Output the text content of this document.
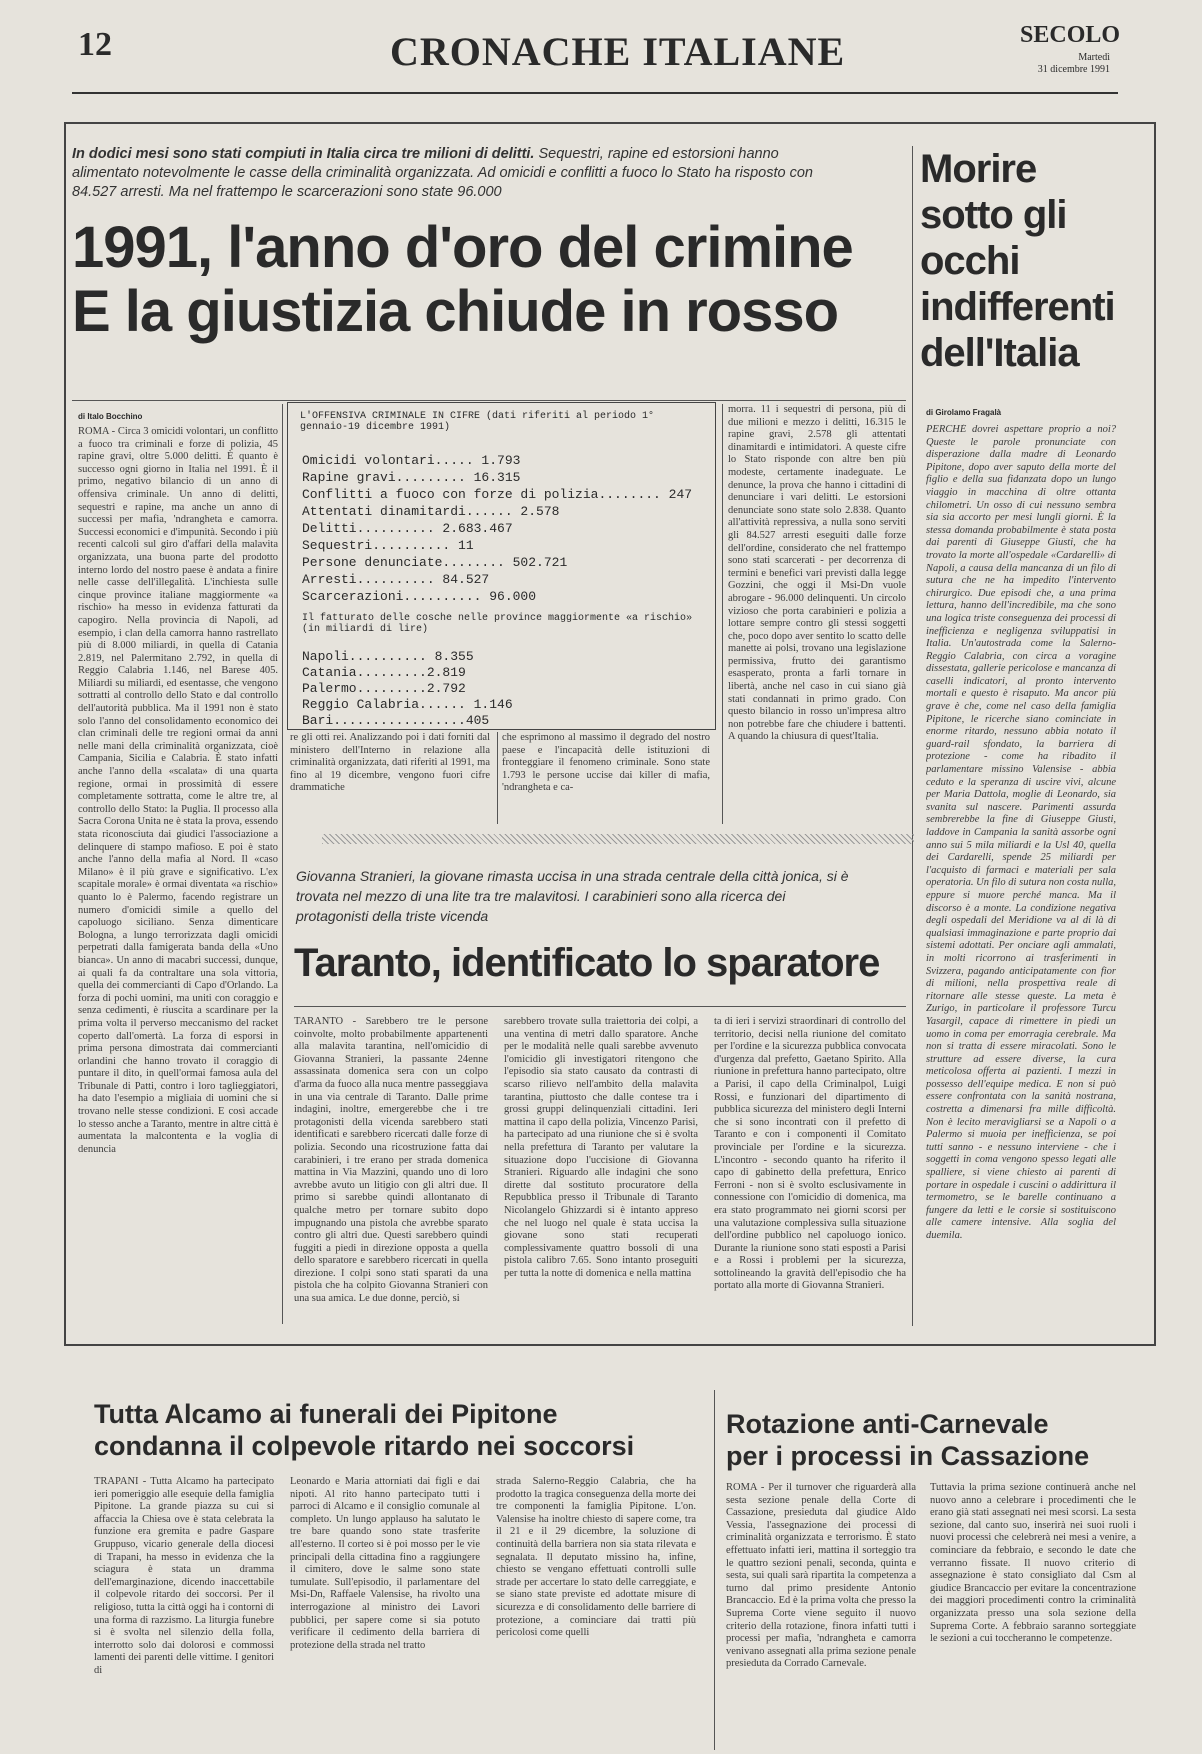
12	CRONACHE ITALIANE	SECOLO
Martedì
31 dicembre 1991
In dodici mesi sono stati compiuti in Italia circa tre milioni di delitti. Sequestri, rapine ed estorsioni hanno alimentato notevolmente le casse della criminalità organizzata. Ad omicidi e conflitti a fuoco lo Stato ha risposto con 84.527 arresti. Ma nel frattempo le scarcerazioni sono state 96.000
1991, l'anno d'oro del crimine
E la giustizia chiude in rosso
Morire sotto gli occhi indifferenti dell'Italia
di Girolamo Fragalà
PERCHÉ dovrei aspettare proprio a noi? Queste le parole pronunciate con disperazione dalla madre di Leonardo Pipitone, dopo aver saputo della morte del figlio e della sua fidanzata dopo un lungo viaggio in macchina di oltre ottanta chilometri. Un osso di cui nessuno sembra sia sia accorto per mesi lungli giorni. È la stessa domanda probabilmente è stata posta dai parenti di Giuseppe Giusti, che ha trovato la morte all'ospedale «Cardarelli» di Napoli, a causa della mancanza di un filo di sutura che ne ha impedito l'intervento chirurgico. Due episodi che, a una prima lettura, hanno dell'incredibile, ma che sono una logica triste conseguenza dei processi di inefficienza e negligenza sviluppatisi in Italia. Un'autostrada come la Salerno-Reggio Calabria, con circa a voragine dissestata, gallerie pericolose e mancanza di caselli indicatori, al pronto intervento mortali e questo è risaputo. Ma ancor più grave è che, come nel caso della famiglia Pipitone, le ricerche siano cominciate in enorme ritardo, nessuno abbia notato il guard-rail sfondato, la barriera di protezione - come ha ribadito il parlamentare missino Valensise - abbia ceduto e la speranza di uscire vivi, alcune per Maria Dattola, moglie di Leonardo, sia svanita sul nascere. Parimenti assurda sembrerebbe la fine di Giuseppe Giusti, laddove in Campania la sanità assorbe ogni anno sui 5 mila miliardi e la Usl 40, quella dei Cardarelli, spende 25 miliardi per l'acquisto di farmaci e materiali per sala operatoria. Un filo di sutura non costa nulla, eppure si muore perché manca. Ma il discorso è a monte. La condizione negativa degli ospedali del Meridione va al di là di qualsiasi immaginazione e parte proprio dai sistemi adottati. Per onciare agli ammalati, in molti ricorrono ai trasferimenti in Svizzera, pagando anticipatamente con fior di milioni, nella prospettiva reale di ritornare alle stesse queste. La meta è Zurigo, in particolare il professore Turcu Yasargil, capace di rimettere in piedi un uomo in coma per emorragia cerebrale. Ma non si tratta di essere miracolati. Sono le strutture ad essere diverse, la cura meticolosa offerta ai pazienti. I mezzi in possesso dell'equipe medica. E non si può essere confrontata con la sanità nostrana, costretta a dimenarsi fra mille difficoltà. Non è lecito meravigliarsi se a Napoli o a Palermo si muoia per inefficienza, se poi tutti sanno - e nessuno interviene - che i soggetti in coma vengono spesso legati alle spalliere, si viene chiesto ai parenti di portare in ospedale i cuscini o addirittura il termometro, se le barelle continuano a fungere da letti e le corsie si sostituiscono alle camere intensive. Alla soglia del duemila.
di Italo Bocchino
ROMA - Circa 3 omicidi volontari, un conflitto a fuoco tra criminali e forze di polizia, 45 rapine gravi, oltre 5.000 delitti. È quanto è successo ogni giorno in Italia nel 1991. È il primo, negativo bilancio di un anno di offensiva criminale. Un anno di delitti, sequestri e rapine, ma anche un anno di successi per mafia, 'ndrangheta e camorra. Successi economici e d'impunità. Secondo i più recenti calcoli sul giro d'affari della malavita organizzata, una buona parte del prodotto interno lordo del nostro paese è andata a finire nelle casse dell'illegalità. L'inchiesta sulle cinque province italiane maggiormente «a rischio» ha messo in evidenza fatturati da capogiro. Nella provincia di Napoli, ad esempio, i clan della camorra hanno rastrellato più di 8.000 miliardi, in quella di Catania 2.819, nel Palermitano 2.792, in quella di Reggio Calabria 1.146, nel Barese 405. Miliardi su miliardi, ed esentasse, che vengono sottratti al controllo dello Stato e dal controllo dell'autorità pubblica. Ma il 1991 non è stato solo l'anno del consolidamento economico dei clan criminali delle tre regioni ormai da anni nelle mani della criminalità organizzata, cioè Campania, Sicilia e Calabria. È stato infatti anche l'anno della «scalata» di una quarta regione, ormai in prossimità di essere completamente sottratta, come le altre tre, al controllo dello Stato: la Puglia. Il processo alla Sacra Corona Unita ne è stata la prova, essendo stata riconosciuta dai giudici l'associazione a delinquere di stampo mafioso. E poi è stato anche l'anno della mafia al Nord. Il «caso Milano» è il più grave e significativo. L'ex scapitale morale» è ormai diventata «a rischio» quanto lo è Palermo, facendo registrare un numero d'omicidi simile a quello del capoluogo siciliano. Senza dimenticare Bologna, a lungo terrorizzata dagli omicidi perpetrati dalla famigerata banda della «Uno bianca». Un anno di macabri successi, dunque, ai quali fa da contraltare una sola vittoria, quella dei commercianti di Capo d'Orlando. La forza di pochi uomini, ma uniti con coraggio e senza cedimenti, è riuscita a scardinare per la prima volta il perverso meccanismo del racket coperto dall'omertà. La forza di esporsi in prima persona dimostrata dai commercianti orlandini che hanno trovato il coraggio di puntare il dito, in quell'ormai famosa aula del Tribunale di Patti, contro i loro taglieggiatori, ha dato l'esempio a migliaia di uomini che si trovano nelle stesse condizioni. E così accade lo stesso anche a Taranto, mentre in altre città è aumentata la malcontenta e la voglia di denuncia
L'OFFENSIVA CRIMINALE IN CIFRE (dati riferiti al periodo 1° gennaio-19 dicembre 1991)
Omicidi volontari..... 1.793
Rapine gravi......... 16.315
Conflitti a fuoco con forze di polizia........ 247
Attentati dinamitardi...... 2.578
Delitti.......... 2.683.467
Sequestri.......... 11
Persone denunciate........ 502.721
Arresti.......... 84.527
Scarcerazioni.......... 96.000
Il fatturato delle cosche nelle province maggiormente «a rischio» (in miliardi di lire)
Napoli.......... 8.355
Catania.........2.819
Palermo.........2.792
Reggio Calabria...... 1.146
Bari.................405
re gli otti rei. Analizzando poi i dati forniti dal ministero dell'Interno in relazione alla criminalità organizzata, dati riferiti al 1991, ma fino al 19 dicembre, vengono fuori cifre drammatiche
che esprimono al massimo il degrado del nostro paese e l'incapacità delle istituzioni di fronteggiare il fenomeno criminale. Sono state 1.793 le persone uccise dai killer di mafia, 'ndrangheta e ca-
morra. 11 i sequestri di persona, più di due milioni e mezzo i delitti, 16.315 le rapine gravi, 2.578 gli attentati dinamitardi e intimidatori. A queste cifre lo Stato risponde con altre ben più modeste, certamente inadeguate. Le denunce, la prova che hanno i cittadini di denunciare i vari delitti. Le estorsioni denunciate sono state solo 2.838. Quanto all'attività repressiva, a nulla sono serviti gli 84.527 arresti eseguiti dalle forze dell'ordine, considerato che nel frattempo sono stati scarcerati - per decorrenza di termini e benefici vari previsti dalla legge Gozzini, che oggi il Msi-Dn vuole abrogare - 96.000 delinquenti. Un circolo vizioso che porta carabinieri e polizia a lottare sempre contro gli stessi soggetti che, poco dopo aver sentito lo scatto delle manette ai polsi, trovano una legislazione permissiva, frutto dei garantismo esasperato, pronta a farli tornare in libertà, anche nel caso in cui siano già stati condannati in primo grado. Con questo bilancio in rosso un'impresa altro non potrebbe fare che chiudere i battenti. A quando la chiusura di quest'Italia.
Giovanna Stranieri, la giovane rimasta uccisa in una strada centrale della città jonica, si è trovata nel mezzo di una lite tra tre malavitosi. I carabinieri sono alla ricerca dei protagonisti della triste vicenda
Taranto, identificato lo sparatore
TARANTO - Sarebbero tre le persone coinvolte, molto probabilmente appartenenti alla malavita tarantina, nell'omicidio di Giovanna Stranieri, la passante 24enne assassinata domenica sera con un colpo d'arma da fuoco alla nuca mentre passeggiava in una via centrale di Taranto. Dalle prime indagini, inoltre, emergerebbe che i tre protagonisti della vicenda sarebbero stati identificati e sarebbero ricercati dalle forze di polizia. Secondo una ricostruzione fatta dai carabinieri, i tre erano per strada domenica mattina in Via Mazzini, quando uno di loro avrebbe avuto un litigio con gli altri due. Il primo si sarebbe quindi allontanato di qualche metro per tornare subito dopo impugnando una pistola che avrebbe sparato contro gli altri due. Questi sarebbero quindi fuggiti a piedi in direzione opposta a quella dello sparatore e sarebbero ricercati in quella direzione. I colpi sono stati sparati da una pistola che ha colpito Giovanna Stranieri con una sua amica. Le due donne, perciò, si
sarebbero trovate sulla traiettoria dei colpi, a una ventina di metri dallo sparatore. Anche per le modalità nelle quali sarebbe avvenuto l'omicidio gli investigatori ritengono che l'episodio sia stato causato da contrasti di scarso rilievo nell'ambito della malavita tarantina, piuttosto che dalle contese tra i grossi gruppi delinquenziali cittadini. Ieri mattina il capo della polizia, Vincenzo Parisi, ha partecipato ad una riunione che si è svolta nella prefettura di Taranto per valutare la situazione dopo l'uccisione di Giovanna Stranieri. Riguardo alle indagini che sono dirette dal sostituto procuratore della Repubblica presso il Tribunale di Taranto Nicolangelo Ghizzardi si è intanto appreso che nel luogo nel quale è stata uccisa la giovane sono stati recuperati complessivamente quattro bossoli di una pistola calibro 7.65. Sono intanto proseguiti per tutta la notte di domenica e nella mattina
ta di ieri i servizi straordinari di controllo del territorio, decisi nella riunione del comitato per l'ordine e la sicurezza pubblica convocata d'urgenza dal prefetto, Gaetano Spirito. Alla riunione in prefettura hanno partecipato, oltre a Parisi, il capo della Criminalpol, Luigi Rossi, e funzionari del dipartimento di pubblica sicurezza del ministero degli Interni che si sono incontrati con il prefetto di Taranto e con i componenti il Comitato provinciale per l'ordine e la sicurezza. L'incontro - secondo quanto ha riferito il capo di gabinetto della prefettura, Enrico Ferroni - non si è svolto esclusivamente in connessione con l'omicidio di domenica, ma era stato programmato nei giorni scorsi per una valutazione complessiva sulla situazione dell'ordine pubblico nel capoluogo ionico. Durante la riunione sono stati esposti a Parisi e a Rossi i problemi per la sicurezza, sottolineando la gravità dell'episodio che ha portato alla morte di Giovanna Stranieri.
Tutta Alcamo ai funerali dei Pipitone
condanna il colpevole ritardo nei soccorsi
TRAPANI - Tutta Alcamo ha partecipato ieri pomeriggio alle esequie della famiglia Pipitone. La grande piazza su cui si affaccia la Chiesa ove è stata celebrata la funzione era gremita e padre Gaspare Gruppuso, vicario generale della diocesi di Trapani, ha messo in evidenza che la sciagura è stata un dramma dell'emarginazione, dicendo inaccettabile il colpevole ritardo dei soccorsi. Per il religioso, tutta la città oggi ha i contorni di una forma di razzismo. La liturgia funebre si è svolta nel silenzio della folla, interrotto solo dai dolorosi e commossi lamenti dei parenti delle vittime. I genitori di
Leonardo e Maria attorniati dai figli e dai nipoti. Al rito hanno partecipato tutti i parroci di Alcamo e il consiglio comunale al completo. Un lungo applauso ha salutato le tre bare quando sono state trasferite all'esterno. Il corteo si è poi mosso per le vie principali della cittadina fino a raggiungere il cimitero, dove le salme sono state tumulate. Sull'episodio, il parlamentare del Msi-Dn, Raffaele Valensise, ha rivolto una interrogazione al ministro dei Lavori pubblici, per sapere come si sia potuto verificare il cedimento della barriera di protezione della strada nel tratto
strada Salerno-Reggio Calabria, che ha prodotto la tragica conseguenza della morte dei tre componenti la famiglia Pipitone. L'on. Valensise ha inoltre chiesto di sapere come, tra il 21 e il 29 dicembre, la soluzione di continuità della barriera non sia stata rilevata e segnalata. Il deputato missino ha, infine, chiesto se vengano effettuati controlli sulle strade per accertare lo stato delle carreggiate, e se siano state previste ed adottate misure di sicurezza e di consolidamento delle barriere di protezione, a cominciare dai tratti più pericolosi come quelli
Rotazione anti-Carnevale
per i processi in Cassazione
ROMA - Per il turnover che riguarderà alla sesta sezione penale della Corte di Cassazione, presieduta dal giudice Aldo Vessia, l'assegnazione dei processi di criminalità organizzata e terrorismo. È stato effettuato infatti ieri, mattina il sorteggio tra le quattro sezioni penali, seconda, quinta e sesta, sui quali sarà ripartita la competenza a turno dal primo presidente Antonio Brancaccio. Ed è la prima volta che presso la Suprema Corte viene seguito il nuovo criterio della rotazione, finora infatti tutti i processi per mafia, 'ndrangheta e camorra venivano assegnati alla prima sezione penale presieduta da Corrado Carnevale.
Tuttavia la prima sezione continuerà anche nel nuovo anno a celebrare i procedimenti che le erano già stati assegnati nei mesi scorsi. La sesta sezione, dal canto suo, inserirà nei suoi ruoli i nuovi processi che celebrerà nei mesi a venire, a cominciare da febbraio, e secondo le date che verranno fissate. Il nuovo criterio di assegnazione è stato consigliato dal Csm al giudice Brancaccio per evitare la concentrazione dei maggiori procedimenti contro la criminalità organizzata presso una sola sezione della Suprema Corte. A febbraio saranno sorteggiate le sezioni a cui toccheranno le competenze.
